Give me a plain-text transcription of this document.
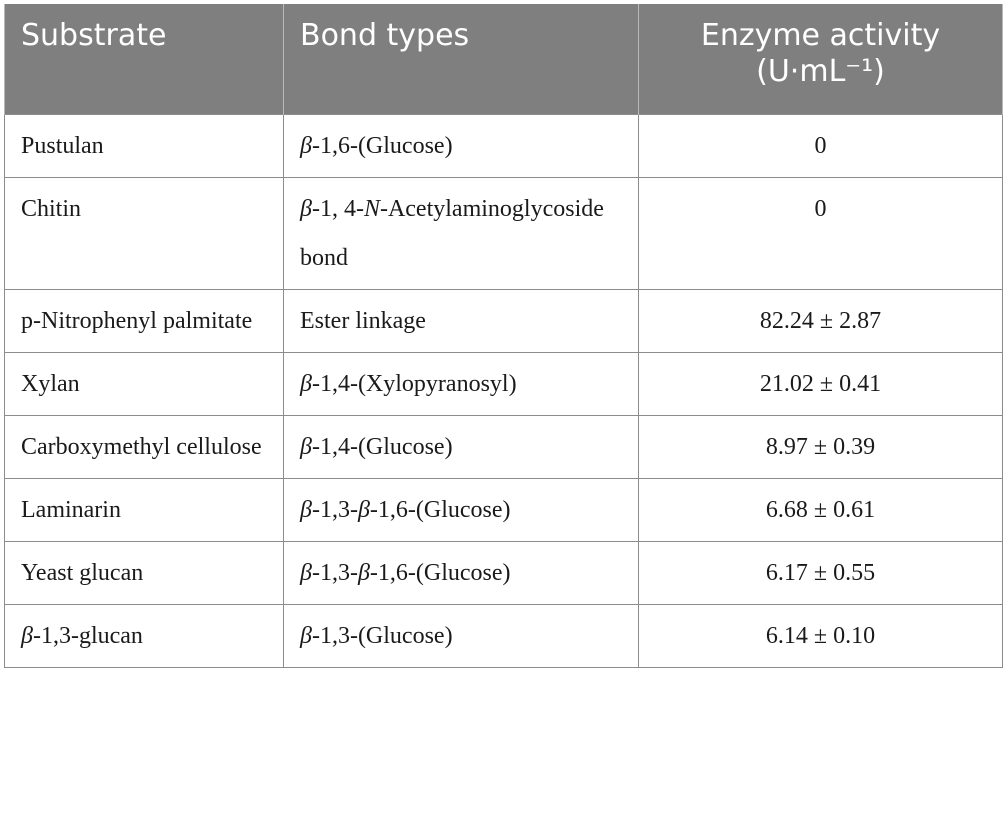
Substrate	Bond types	Enzyme activity
(U·mL⁻¹)
Pustulan	β-1,6-(Glucose)	0
Chitin	β-1, 4-N-Acetylaminoglycoside bond	0
p-Nitrophenyl palmitate	Ester linkage	82.24 ± 2.87
Xylan	β-1,4-(Xylopyranosyl)	21.02 ± 0.41
Carboxymethyl cellulose	β-1,4-(Glucose)	8.97 ± 0.39
Laminarin	β-1,3-β-1,6-(Glucose)	6.68 ± 0.61
Yeast glucan	β-1,3-β-1,6-(Glucose)	6.17 ± 0.55
β-1,3-glucan	β-1,3-(Glucose)	6.14 ± 0.10
